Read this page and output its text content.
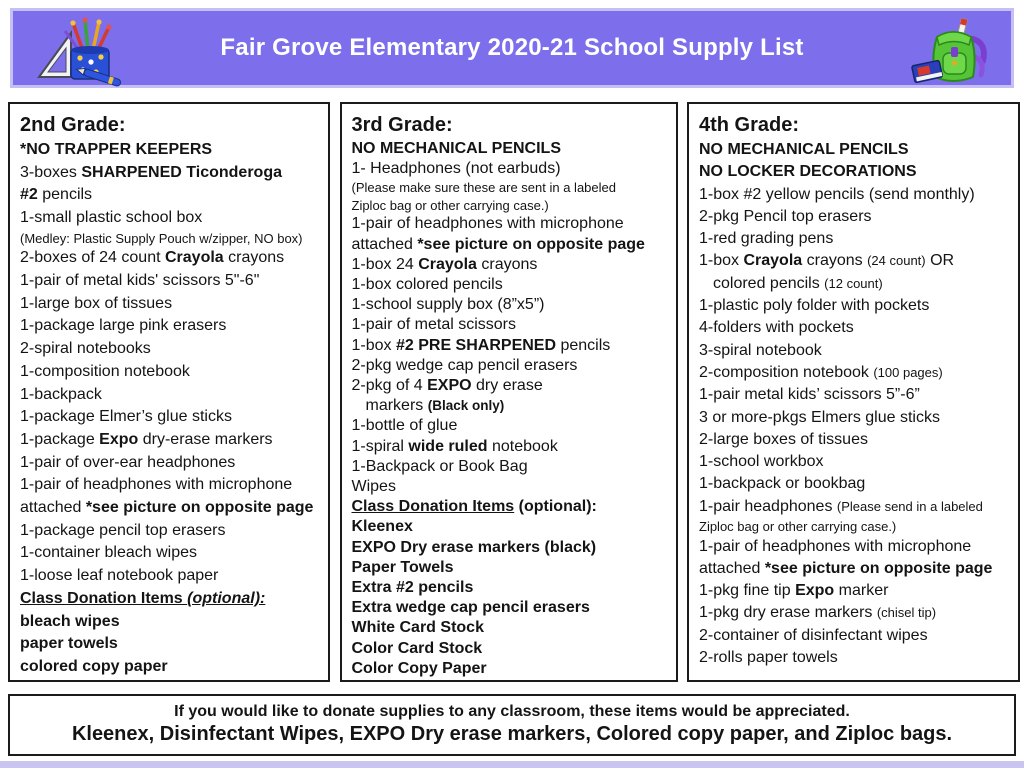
Fair Grove Elementary 2020-21 School Supply List
2nd Grade:
*NO TRAPPER KEEPERS
3-boxes SHARPENED Ticonderoga
#2 pencils
1-small plastic school box
(Medley: Plastic Supply Pouch w/zipper, NO box)
2-boxes of 24 count Crayola crayons
1-pair of metal kids' scissors 5"-6"
1-large box of tissues
1-package large pink erasers
2-spiral notebooks
1-composition notebook
1-backpack
1-package Elmer’s glue sticks
1-package Expo dry-erase markers
1-pair of over-ear headphones
1-pair of headphones with microphone
attached *see picture on opposite page
1-package pencil top erasers
1-container bleach wipes
1-loose leaf notebook paper
Class Donation Items (optional):
bleach wipes
paper towels
colored copy paper
3rd Grade:
NO MECHANICAL PENCILS
1- Headphones (not earbuds)
(Please make sure these are sent in a labeled
Ziploc bag or other carrying case.)
1-pair of headphones with microphone
attached *see picture on opposite page
1-box 24 Crayola crayons
1-box colored pencils
1-school supply box (8”x5”)
1-pair of metal scissors
1-box #2 PRE SHARPENED pencils
2-pkg wedge cap pencil erasers
2-pkg of 4 EXPO dry erase
markers (Black only)
1-bottle of glue
1-spiral wide ruled notebook
1-Backpack or Book Bag
Wipes
Class Donation Items (optional):
Kleenex
EXPO Dry erase markers (black)
Paper Towels
Extra #2 pencils
Extra wedge cap pencil erasers
White Card Stock
Color Card Stock
Color Copy Paper
4th Grade:
NO MECHANICAL PENCILS
NO LOCKER DECORATIONS
1-box #2 yellow pencils (send monthly)
2-pkg Pencil top erasers
1-red grading pens
1-box Crayola crayons (24 count) OR
colored pencils (12 count)
1-plastic poly folder with pockets
4-folders with pockets
3-spiral notebook
2-composition notebook (100 pages)
1-pair metal kids’ scissors 5”-6”
3 or more-pkgs Elmers glue sticks
2-large boxes of tissues
1-school workbox
1-backpack or bookbag
1-pair headphones (Please send in a labeled
Ziploc bag or other carrying case.)
1-pair of headphones with microphone
attached *see picture on opposite page
1-pkg fine tip Expo marker
1-pkg dry erase markers (chisel tip)
2-container of disinfectant wipes
2-rolls paper towels

If you would like to donate supplies to any classroom, these items would be appreciated.

Kleenex, Disinfectant Wipes, EXPO Dry erase markers, Colored copy paper, and Ziploc bags.
